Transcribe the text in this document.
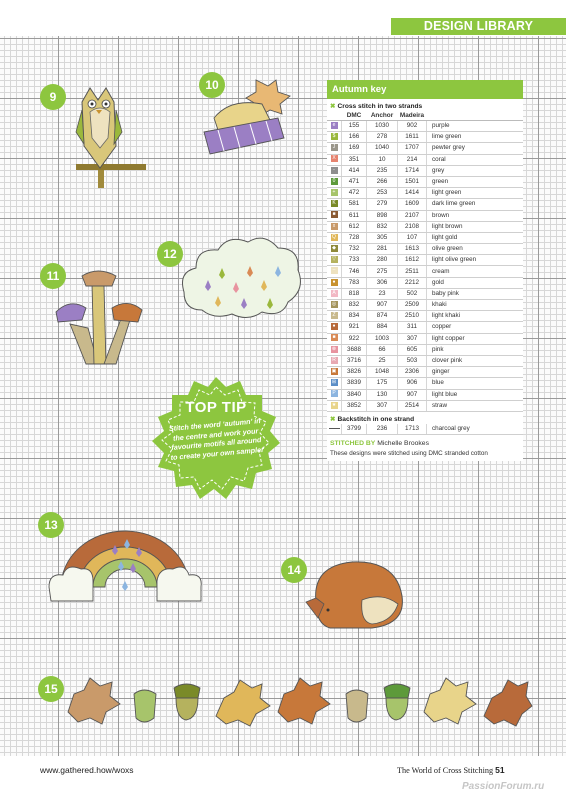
DESIGN LIBRARY
9
10
11
12
13
14
15
TOP TIP
Stitch the word ‘autumn’ in the centre and work your favourite motifs all around to create your own sampler
Autumn key
✖ Cross stitch in two strands
	DMC	Anchor	Madeira	
e	155	1030	902	purple
$	166	278	1611	lime green
J	169	1040	1707	pewter grey
X	351	10	214	coral
-	414	235	1714	grey
0	471	266	1501	green
+	472	253	1414	light green
K	581	279	1609	dark lime green
■	611	898	2107	brown
x	612	832	2108	light brown
Q	728	305	107	light gold
◆	732	281	1613	olive green
▽	733	280	1612	light olive green
–	746	275	2511	cream
●	783	306	2212	gold
A	818	23	502	baby pink
◎	832	907	2509	khaki
Z	834	874	2510	light khaki
●	921	884	311	copper
■	922	1003	307	light copper
⊗	3688	66	605	pink
R	3716	25	503	clover pink
▣	3826	1048	2306	ginger
⊞	3839	175	906	blue
P	3840	130	907	light blue
★	3852	307	2514	straw
✖ Backstitch in one strand
	3799	236	1713	charcoal grey
STITCHED BY Michelle Brookes
These designs were stitched using DMC stranded cotton
www.gathered.how/woxs	The World of Cross Stitching 51
PassionForum.ru
